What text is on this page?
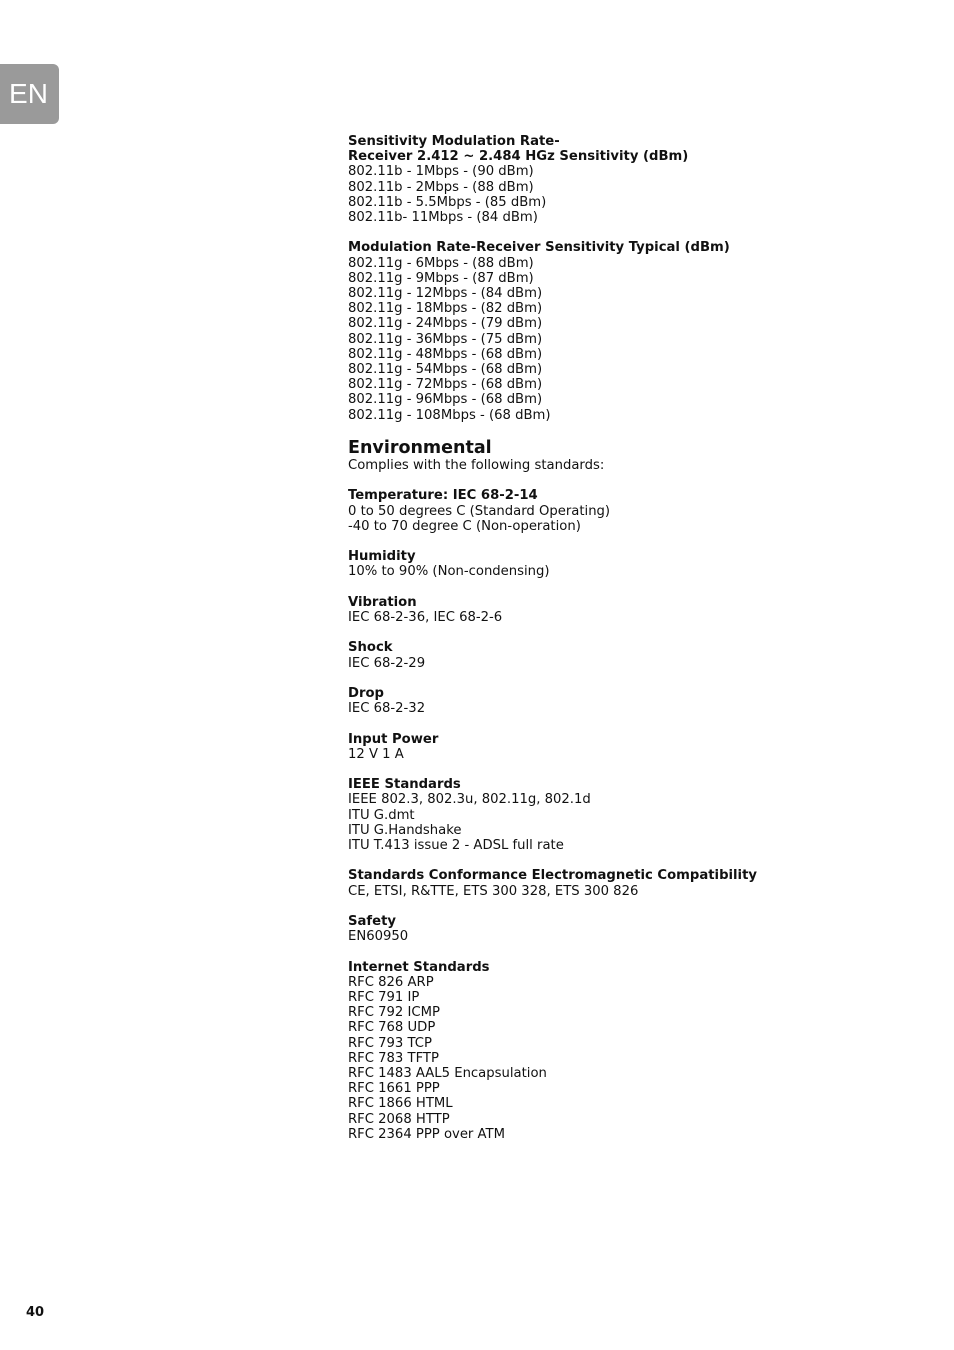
EN
Sensitivity Modulation Rate-
Receiver 2.412 ~ 2.484 HGz Sensitivity (dBm)
802.11b - 1Mbps - (90 dBm)
802.11b - 2Mbps - (88 dBm)
802.11b - 5.5Mbps - (85 dBm)
802.11b- 11Mbps - (84 dBm)
Modulation Rate-Receiver Sensitivity Typical (dBm)
802.11g - 6Mbps - (88 dBm)
802.11g - 9Mbps - (87 dBm)
802.11g - 12Mbps - (84 dBm)
802.11g - 18Mbps - (82 dBm)
802.11g - 24Mbps - (79 dBm)
802.11g - 36Mbps - (75 dBm)
802.11g - 48Mbps - (68 dBm)
802.11g - 54Mbps - (68 dBm)
802.11g - 72Mbps - (68 dBm)
802.11g - 96Mbps - (68 dBm)
802.11g - 108Mbps - (68 dBm)
Environmental
Complies with the following standards:
Temperature: IEC 68-2-14
0 to 50 degrees C (Standard Operating)
-40 to 70 degree C (Non-operation)
Humidity
10% to 90% (Non-condensing)
Vibration
IEC 68-2-36, IEC 68-2-6
Shock
IEC 68-2-29
Drop
IEC 68-2-32
Input Power
12 V 1 A
IEEE Standards
IEEE 802.3, 802.3u, 802.11g, 802.1d
ITU G.dmt
ITU G.Handshake
ITU T.413 issue 2 - ADSL full rate
Standards Conformance Electromagnetic Compatibility
CE, ETSI, R&TTE, ETS 300 328, ETS 300 826
Safety
EN60950
Internet Standards
RFC 826 ARP
RFC 791 IP
RFC 792 ICMP
RFC 768 UDP
RFC 793 TCP
RFC 783 TFTP
RFC 1483 AAL5 Encapsulation
RFC 1661 PPP
RFC 1866 HTML
RFC 2068 HTTP
RFC 2364 PPP over ATM
40
